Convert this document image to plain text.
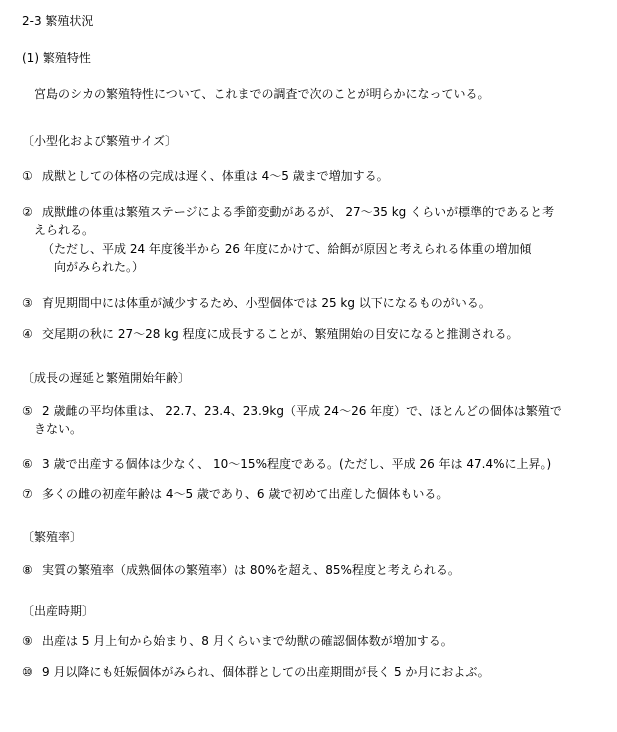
2-3 繁殖状況
(1) 繁殖特性
宮島のシカの繁殖特性について、これまでの調査で次のことが明らかになっている。
〔小型化および繁殖サイズ〕
① 成獣としての体格の完成は遅く、体重は 4～5 歳まで増加する。
② 成獣雌の体重は繁殖ステージによる季節変動があるが、 27～35 kg くらいが標準的であると考
えられる。
（ただし、平成 24 年度後半から 26 年度にかけて、給餌が原因と考えられる体重の増加傾
向がみられた。）
③ 育児期間中には体重が減少するため、小型個体では 25 kg 以下になるものがいる。
④ 交尾期の秋に 27～28 kg 程度に成長することが、繁殖開始の目安になると推測される。
〔成長の遅延と繁殖開始年齢〕
⑤ 2 歳雌の平均体重は、 22.7、23.4、23.9kg（平成 24～26 年度）で、ほとんどの個体は繁殖で
きない。
⑥ 3 歳で出産する個体は少なく、 10～15%程度である。(ただし、平成 26 年は 47.4%に上昇。)
⑦ 多くの雌の初産年齢は 4～5 歳であり、6 歳で初めて出産した個体もいる。
〔繁殖率〕
⑧ 実質の繁殖率（成熟個体の繁殖率）は 80%を超え、85%程度と考えられる。
〔出産時期〕
⑨ 出産は 5 月上旬から始まり、8 月くらいまで幼獣の確認個体数が増加する。
⑩ 9 月以降にも妊娠個体がみられ、個体群としての出産期間が長く 5 か月におよぶ。
